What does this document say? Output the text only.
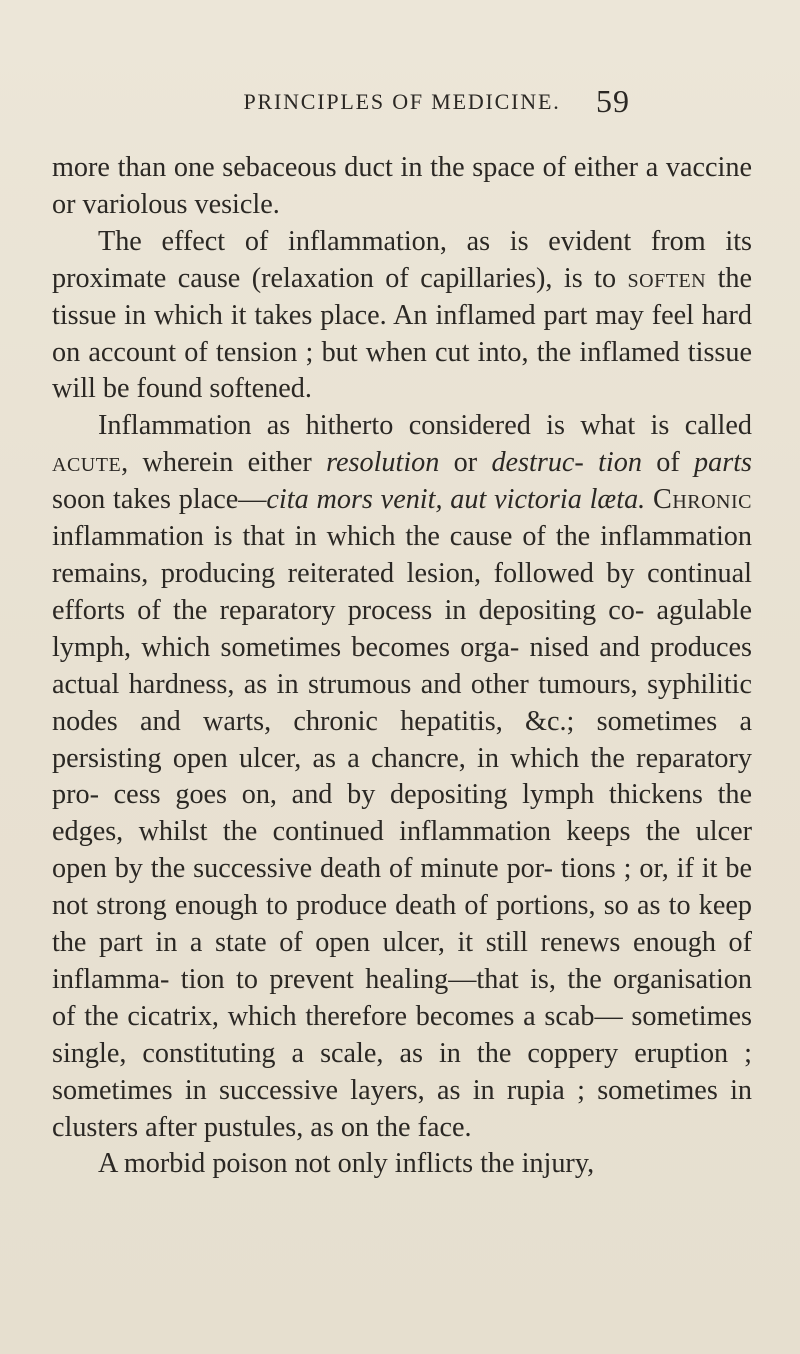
PRINCIPLES OF MEDICINE.	59

more than one sebaceous duct in the space of either a vaccine or variolous vesicle.

The effect of inflammation, as is evident from its proximate cause (relaxation of capillaries), is to soften the tissue in which it takes place. An inflamed part may feel hard on account of tension ; but when cut into, the inflamed tissue will be found softened.

Inflammation as hitherto considered is what is called acute, wherein either resolution or destruc- tion of parts soon takes place—cita mors venit, aut victoria læta. Chronic inflammation is that in which the cause of the inflammation remains, producing reiterated lesion, followed by continual efforts of the reparatory process in depositing co- agulable lymph, which sometimes becomes orga- nised and produces actual hardness, as in strumous and other tumours, syphilitic nodes and warts, chronic hepatitis, &c.; sometimes a persisting open ulcer, as a chancre, in which the reparatory pro- cess goes on, and by depositing lymph thickens the edges, whilst the continued inflammation keeps the ulcer open by the successive death of minute por- tions ; or, if it be not strong enough to produce death of portions, so as to keep the part in a state of open ulcer, it still renews enough of inflamma- tion to prevent healing—that is, the organisation of the cicatrix, which therefore becomes a scab— sometimes single, constituting a scale, as in the coppery eruption ; sometimes in successive layers, as in rupia ; sometimes in clusters after pustules, as on the face.

A morbid poison not only inflicts the injury,
